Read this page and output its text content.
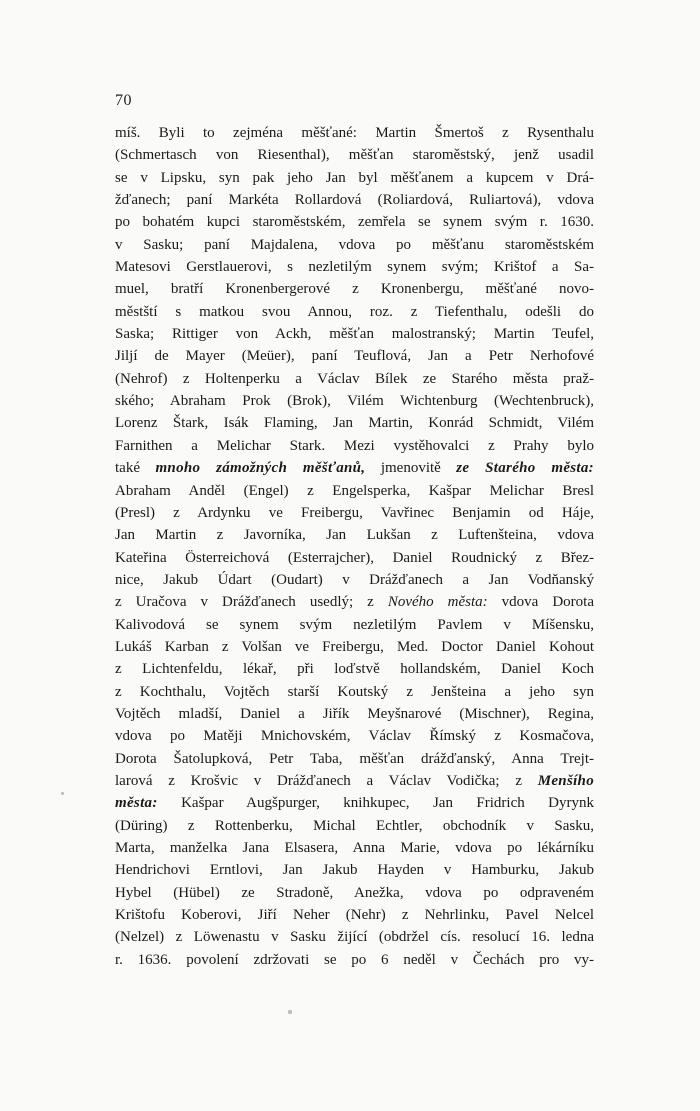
70
míš. Byli to zejména měšťané: Martin Šmertoš z Rysenthalu
(Schmertasch von Riesenthal), měšťan staroměstský, jenž usadil
se v Lipsku, syn pak jeho Jan byl měšťanem a kupcem v Drá-
žďanech; paní Markéta Rollardová (Roliardová, Ruliartová), vdova
po bohatém kupci staroměstském, zemřela se synem svým r. 1630.
v Sasku; paní Majdalena, vdova po měšťanu staroměstském
Matesovi Gerstlauerovi, s nezletilým synem svým; Krištof a Sa-
muel, bratří Kronenbergerové z Kronenbergu, měšťané novo-
městští s matkou svou Annou, roz. z Tiefenthalu, odešli do
Saska; Rittiger von Ackh, měšťan malostranský; Martin Teufel,
Jiljí de Mayer (Meüer), paní Teuflová, Jan a Petr Nerhofové
(Nehrof) z Holtenperku a Václav Bílek ze Starého města praž-
ského; Abraham Prok (Brok), Vilém Wichtenburg (Wechtenbruck),
Lorenz Štark, Isák Flaming, Jan Martin, Konrád Schmidt, Vilém
Farnithen a Melichar Stark. Mezi vystěhovalci z Prahy bylo
také mnoho zámožných měšťanů, jmenovitě ze Starého města:
Abraham Anděl (Engel) z Engelsperka, Kašpar Melichar Bresl
(Presl) z Ardynku ve Freibergu, Vavřinec Benjamin od Háje,
Jan Martin z Javorníka, Jan Lukšan z Luftenšteina, vdova
Kateřina Österreichová (Esterrajcher), Daniel Roudnický z Břez-
nice, Jakub Údart (Oudart) v Drážďanech a Jan Vodňanský
z Uračova v Drážďanech usedlý; z Nového města: vdova Dorota
Kalivodová se synem svým nezletilým Pavlem v Míšensku,
Lukáš Karban z Volšan ve Freibergu, Med. Doctor Daniel Kohout
z Lichtenfeldu, lékař, při loďstvě hollandském, Daniel Koch
z Kochthalu, Vojtěch starší Koutský z Jenšteina a jeho syn
Vojtěch mladší, Daniel a Jiřík Meyšnarové (Mischner), Regina,
vdova po Matěji Mnichovském, Václav Římský z Kosmačova,
Dorota Šatolupková, Petr Taba, měšťan drážďanský, Anna Trejt-
larová z Krošvic v Drážďanech a Václav Vodička; z Menšího
města: Kašpar Augšpurger, knihkupec, Jan Fridrich Dyrynk
(Düring) z Rottenberku, Michal Echtler, obchodník v Sasku,
Marta, manželka Jana Elsasera, Anna Marie, vdova po lékárníku
Hendrichovi Erntlovi, Jan Jakub Hayden v Hamburku, Jakub
Hybel (Hübel) ze Stradoně, Anežka, vdova po odpraveném
Krištofu Koberovi, Jiří Neher (Nehr) z Nehrlinku, Pavel Nelcel
(Nelzel) z Löwenastu v Sasku žijící (obdržel cís. resolucí 16. ledna
r. 1636. povolení zdržovati se po 6 neděl v Čechách pro vy-
